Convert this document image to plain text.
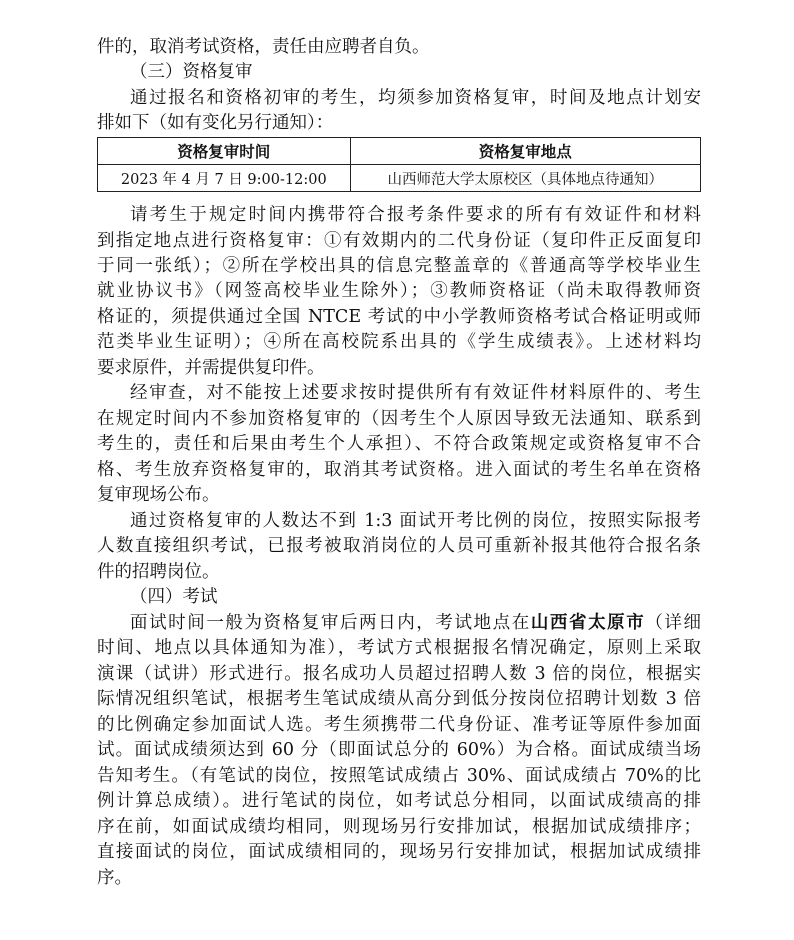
件的，取消考试资格，责任由应聘者自负。
（三）资格复审
通过报名和资格初审的考生，均须参加资格复审，时间及地点计划安
排如下（如有变化另行通知）：
资格复审时间	资格复审地点
2023 年 4 月 7 日 9:00-12:00	山西师范大学太原校区（具体地点待通知）
请考生于规定时间内携带符合报考条件要求的所有有效证件和材料
到指定地点进行资格复审：①有效期内的二代身份证（复印件正反面复印
于同一张纸）；②所在学校出具的信息完整盖章的《普通高等学校毕业生
就业协议书》（网签高校毕业生除外）；③教师资格证（尚未取得教师资
格证的，须提供通过全国 NTCE 考试的中小学教师资格考试合格证明或师
范类毕业生证明）；④所在高校院系出具的《学生成绩表》。上述材料均
要求原件，并需提供复印件。
经审查，对不能按上述要求按时提供所有有效证件材料原件的、考生
在规定时间内不参加资格复审的（因考生个人原因导致无法通知、联系到
考生的，责任和后果由考生个人承担）、不符合政策规定或资格复审不合
格、考生放弃资格复审的，取消其考试资格。进入面试的考生名单在资格
复审现场公布。
通过资格复审的人数达不到 1:3 面试开考比例的岗位，按照实际报考
人数直接组织考试，已报考被取消岗位的人员可重新补报其他符合报名条
件的招聘岗位。
（四）考试
面试时间一般为资格复审后两日内，考试地点在山西省太原市（详细
时间、地点以具体通知为准），考试方式根据报名情况确定，原则上采取
演课（试讲）形式进行。报名成功人员超过招聘人数 3 倍的岗位，根据实
际情况组织笔试，根据考生笔试成绩从高分到低分按岗位招聘计划数 3 倍
的比例确定参加面试人选。考生须携带二代身份证、准考证等原件参加面
试。面试成绩须达到 60 分（即面试总分的 60%）为合格。面试成绩当场
告知考生。（有笔试的岗位，按照笔试成绩占 30%、面试成绩占 70%的比
例计算总成绩）。进行笔试的岗位，如考试总分相同，以面试成绩高的排
序在前，如面试成绩均相同，则现场另行安排加试，根据加试成绩排序；
直接面试的岗位，面试成绩相同的，现场另行安排加试，根据加试成绩排
序。
